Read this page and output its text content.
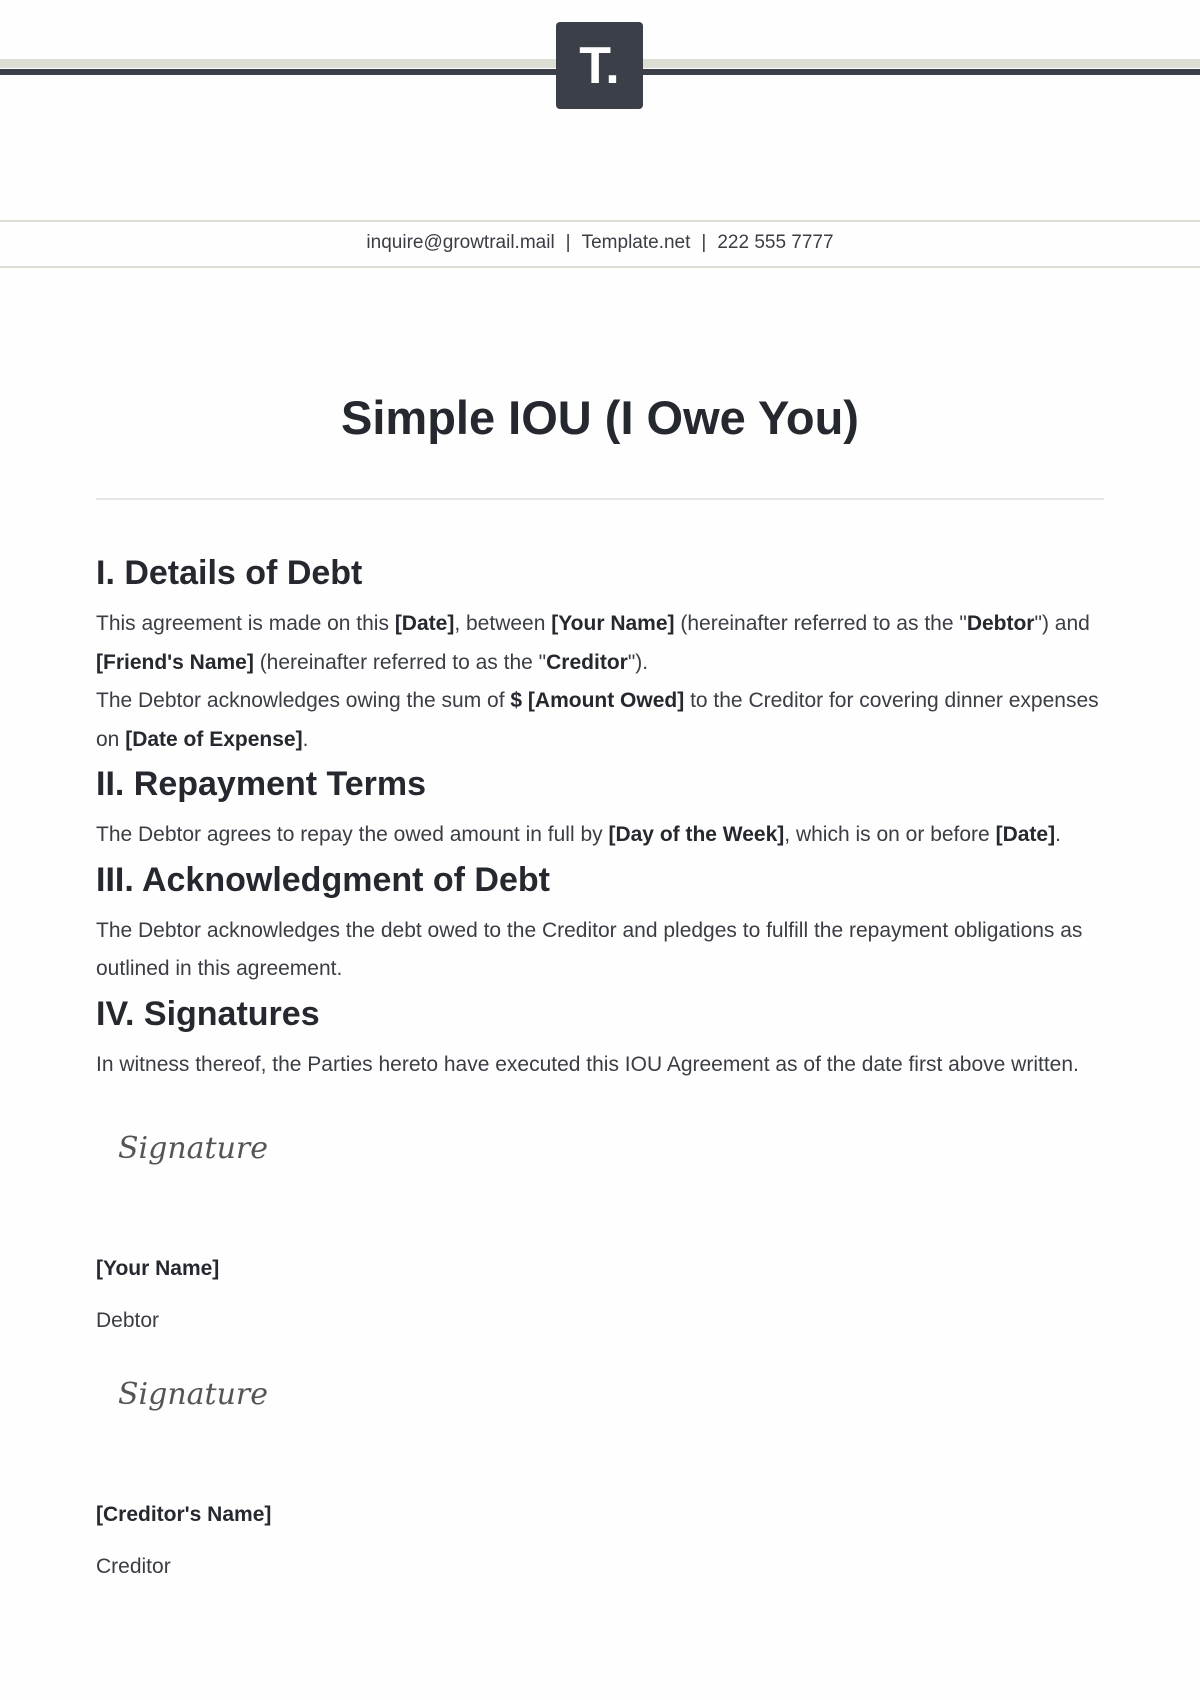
T.
inquire@growtrail.mail | Template.net | 222 555 7777
Simple IOU (I Owe You)
I. Details of Debt

This agreement is made on this [Date], between [Your Name] (hereinafter referred to as the "Debtor") and [Friend's Name] (hereinafter referred to as the "Creditor").

The Debtor acknowledges owing the sum of $ [Amount Owed] to the Creditor for covering dinner expenses on [Date of Expense].

II. Repayment Terms

The Debtor agrees to repay the owed amount in full by [Day of the Week], which is on or before [Date].

III. Acknowledgment of Debt

The Debtor acknowledges the debt owed to the Creditor and pledges to fulfill the repayment obligations as outlined in this agreement.

IV. Signatures

In witness thereof, the Parties hereto have executed this IOU Agreement as of the date first above written.

Signature
[Your Name]
Debtor
Signature
[Creditor's Name]
Creditor
